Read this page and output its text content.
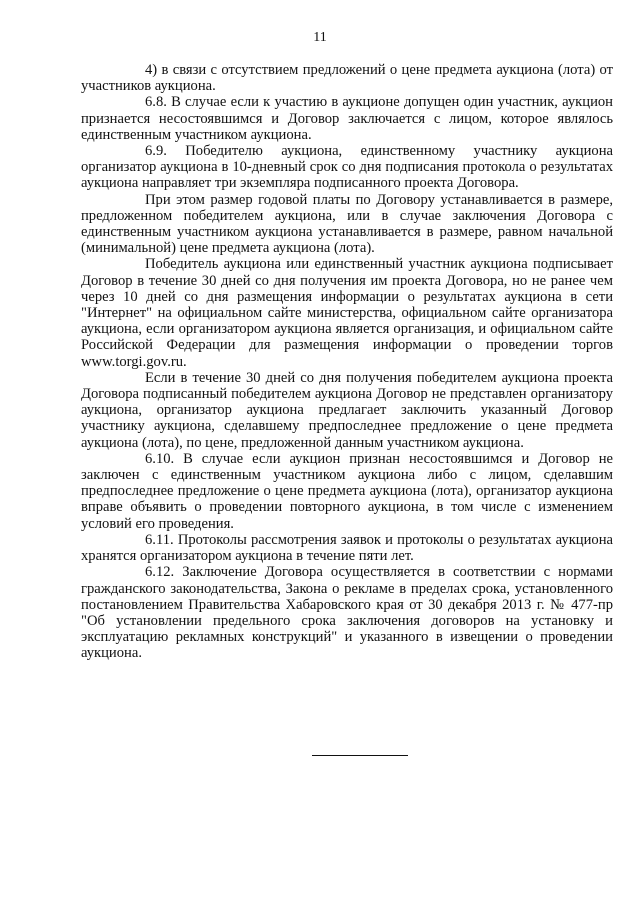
11

4) в связи с отсутствием предложений о цене предмета аукциона (лота) от участников аукциона.

6.8. В случае если к участию в аукционе допущен один участник, аукцион признается несостоявшимся и Договор заключается с лицом, которое являлось единственным участником аукциона.

6.9. Победителю аукциона, единственному участнику аукциона организатор аукциона в 10-дневный срок со дня подписания протокола о результатах аукциона направляет три экземпляра подписанного проекта Договора.

При этом размер годовой платы по Договору устанавливается в размере, предложенном победителем аукциона, или в случае заключения Договора с единственным участником аукциона устанавливается в размере, равном начальной (минимальной) цене предмета аукциона (лота).

Победитель аукциона или единственный участник аукциона подписывает Договор в течение 30 дней со дня получения им проекта Договора, но не ранее чем через 10 дней со дня размещения информации о результатах аукциона в сети "Интернет" на официальном сайте министерства, официальном сайте организатора аукциона, если организатором аукциона является организация, и официальном сайте Российской Федерации для размещения информации о проведении торгов www.torgi.gov.ru.

Если в течение 30 дней со дня получения победителем аукциона проекта Договора подписанный победителем аукциона Договор не представлен организатору аукциона, организатор аукциона предлагает заключить указанный Договор участнику аукциона, сделавшему предпоследнее предложение о цене предмета аукциона (лота), по цене, предложенной данным участником аукциона.

6.10. В случае если аукцион признан несостоявшимся и Договор не заключен с единственным участником аукциона либо с лицом, сделавшим предпоследнее предложение о цене предмета аукциона (лота), организатор аукциона вправе объявить о проведении повторного аукциона, в том числе с изменением условий его проведения.

6.11. Протоколы рассмотрения заявок и протоколы о результатах аукциона хранятся организатором аукциона в течение пяти лет.

6.12. Заключение Договора осуществляется в соответствии с нормами гражданского законодательства, Закона о рекламе в пределах срока, установленного постановлением Правительства Хабаровского края от 30 декабря 2013 г. № 477-пр "Об установлении предельного срока заключения договоров на установку и эксплуатацию рекламных конструкций" и указанного в извещении о проведении аукциона.
